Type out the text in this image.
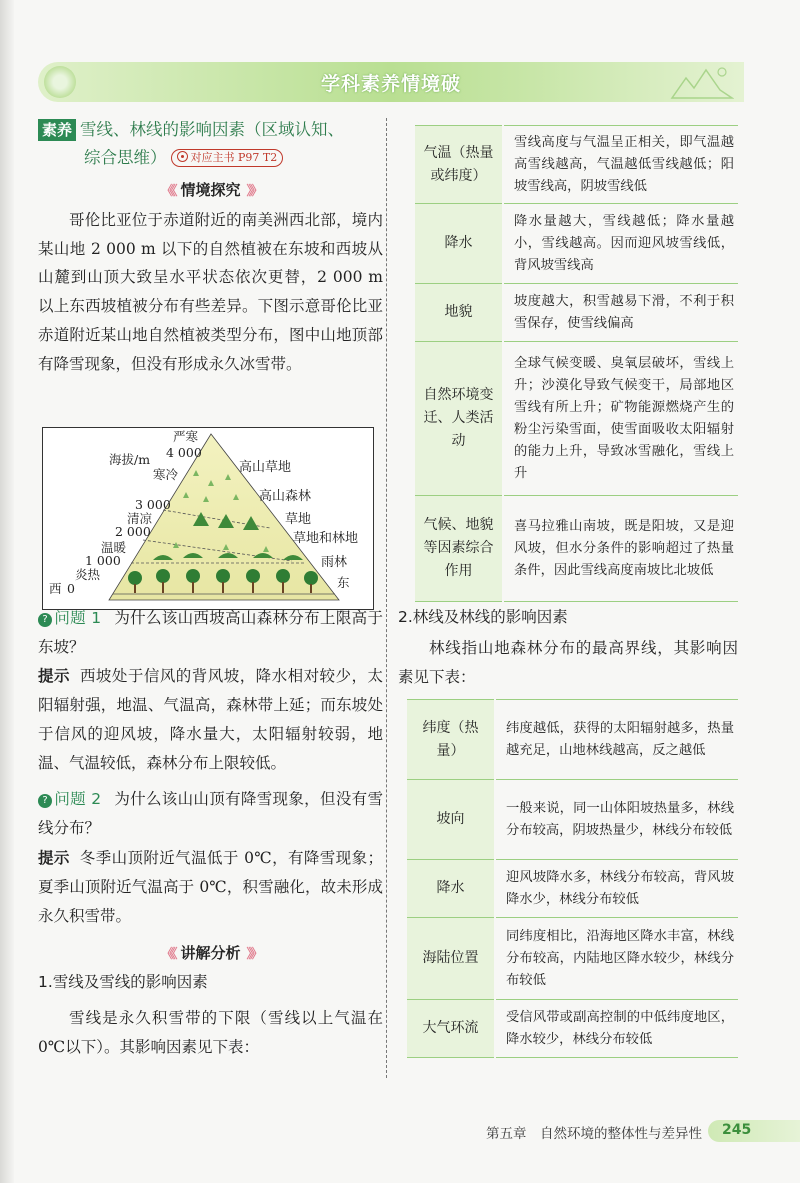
学科素养情境破
素养 雪线、林线的影响因素（区域认知、
综合思维） 对应主书 P97 T2
《《 情境探究 》》
哥伦比亚位于赤道附近的南美洲西北部，境内某山地 2 000 m 以下的自然植被在东坡和西坡从山麓到山顶大致呈水平状态依次更替，2 000 m 以上东西坡植被分布有些差异。下图示意哥伦比亚赤道附近某山地自然植被类型分布，图中山地顶部有降雪现象，但没有形成永久冰雪带。
严寒
4 000
海拔/m
寒冷	高山草地
3 000
高山森林
清凉	草地
2 000
温暖
草地和林地
1 000	雨林
炎热
西 0	东
? 问题 1 为什么该山西坡高山森林分布上限高于东坡？
提示 西坡处于信风的背风坡，降水相对较少，太阳辐射强，地温、气温高，森林带上延；而东坡处于信风的迎风坡，降水量大，太阳辐射较弱，地温、气温较低，森林分布上限较低。
? 问题 2 为什么该山山顶有降雪现象，但没有雪线分布？
提示 冬季山顶附近气温低于 0℃，有降雪现象；夏季山顶附近气温高于 0℃，积雪融化，故未形成永久积雪带。
《《 讲解分析 》》
1.雪线及雪线的影响因素
雪线是永久积雪带的下限（雪线以上气温在 0℃以下）。其影响因素见下表：
气温（热量或纬度）	雪线高度与气温呈正相关，即气温越高雪线越高，气温越低雪线越低；阳坡雪线高，阴坡雪线低
降水	降水量越大，雪线越低；降水量越小，雪线越高。因而迎风坡雪线低，背风坡雪线高
地貌	坡度越大，积雪越易下滑，不利于积雪保存，使雪线偏高
自然环境变迁、人类活动	全球气候变暖、臭氧层破坏，雪线上升；沙漠化导致气候变干，局部地区雪线有所上升；矿物能源燃烧产生的粉尘污染雪面，使雪面吸收太阳辐射的能力上升，导致冰雪融化，雪线上升
气候、地貌等因素综合作用	喜马拉雅山南坡，既是阳坡，又是迎风坡，但水分条件的影响超过了热量条件，因此雪线高度南坡比北坡低
2.林线及林线的影响因素
林线指山地森林分布的最高界线，其影响因素见下表：
纬度（热量）	纬度越低，获得的太阳辐射越多，热量越充足，山地林线越高，反之越低
坡向	一般来说，同一山体阳坡热量多，林线分布较高，阴坡热量少，林线分布较低
降水	迎风坡降水多，林线分布较高，背风坡降水少，林线分布较低
海陆位置	同纬度相比，沿海地区降水丰富，林线分布较高，内陆地区降水较少，林线分布较低
大气环流	受信风带或副高控制的中低纬度地区，降水较少，林线分布较低
第五章　自然环境的整体性与差异性 245
